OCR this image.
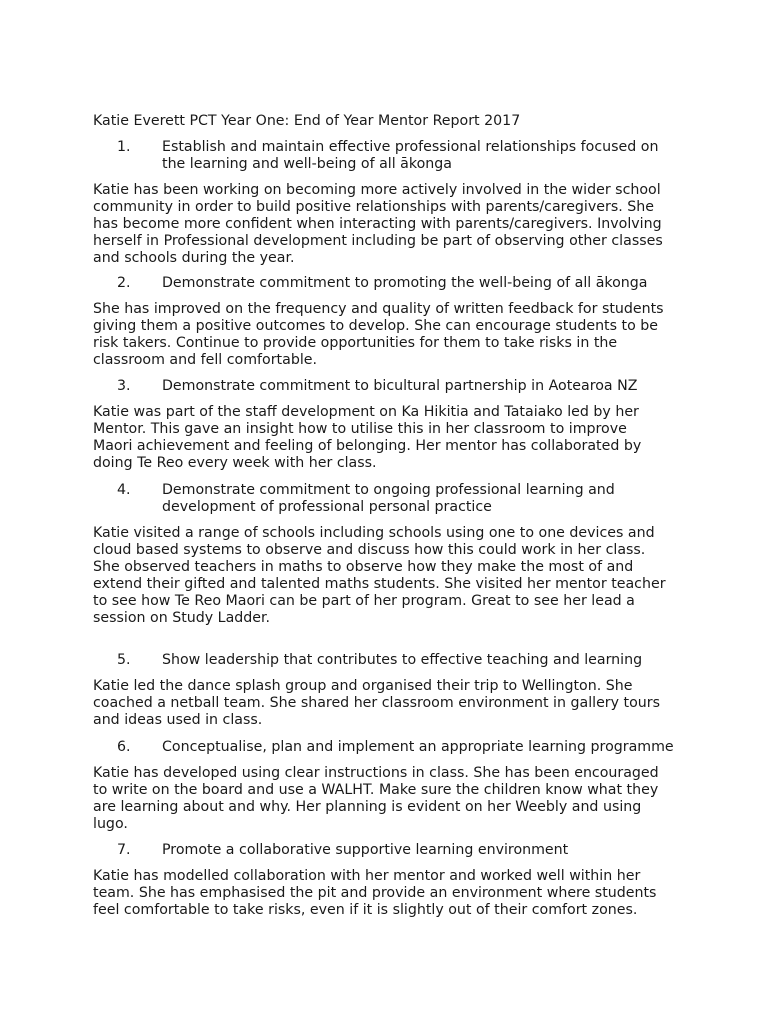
Katie Everett PCT Year One: End of Year Mentor Report 2017
1.	Establish and maintain effective professional relationships focused on the learning and well-being of all ākonga
Katie has been working on becoming more actively involved in the wider school community in order to build positive relationships with parents/caregivers. She has become more confident when interacting with parents/caregivers. Involving herself in Professional development including be part of observing other classes and schools during the year.
2.	Demonstrate commitment to promoting the well-being of all ākonga
She has improved on the frequency and quality of written feedback for students giving them a positive outcomes to develop. She can encourage students to be risk takers. Continue to provide opportunities for them to take risks in the classroom and fell comfortable.
3.	Demonstrate commitment to bicultural partnership in Aotearoa NZ
Katie was part of the staff development on Ka Hikitia and Tataiako led by her Mentor. This gave an insight how to utilise this in her classroom to improve Maori achievement and feeling of belonging. Her mentor has collaborated by doing Te Reo every week with her class.
4.	Demonstrate commitment to ongoing professional learning and development of professional personal practice
Katie visited a range of schools including schools using one to one devices and cloud based systems to observe and discuss how this could work in her class. She observed teachers in maths to observe how they make the most of and extend their gifted and talented maths students. She visited her mentor teacher to see how Te Reo Maori can be part of her program. Great to see her lead a session on Study Ladder.
5.	Show leadership that contributes to effective teaching and learning
Katie led the dance splash group and organised their trip to Wellington. She coached a netball team. She shared her classroom environment in gallery tours and ideas used in class.
6.	Conceptualise, plan and implement an appropriate learning programme
Katie has developed using clear instructions in class. She has been encouraged to write on the board and use a WALHT. Make sure the children know what they are learning about and why. Her planning is evident on her Weebly and using lugo.
7.	Promote a collaborative supportive learning environment
Katie has modelled collaboration with her mentor and worked well within her team. She has emphasised the pit and provide an environment where students feel comfortable to take risks, even if it is slightly out of their comfort zones.
